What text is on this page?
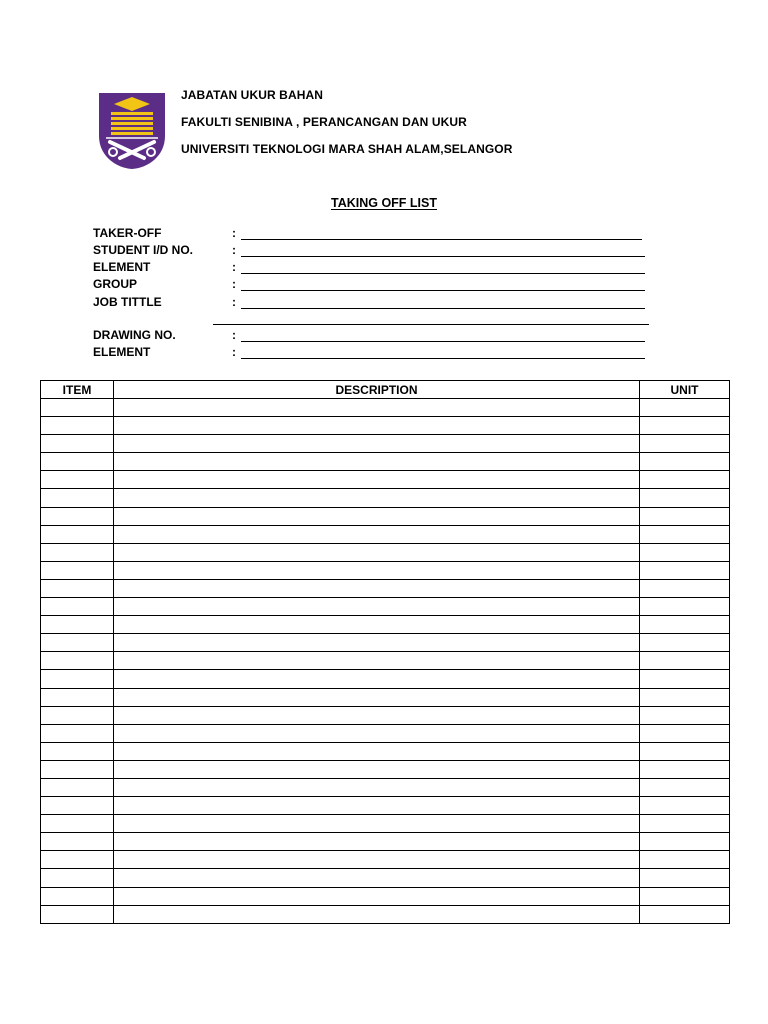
JABATAN UKUR BAHAN
FAKULTI SENIBINA , PERANCANGAN DAN UKUR
UNIVERSITI TEKNOLOGI MARA SHAH ALAM,SELANGOR
TAKING OFF LIST
TAKER-OFF	:
STUDENT I/D NO.	:
ELEMENT	:
GROUP	:
JOB TITTLE	:
DRAWING NO.	:
ELEMENT	:
ITEM	DESCRIPTION	UNIT
